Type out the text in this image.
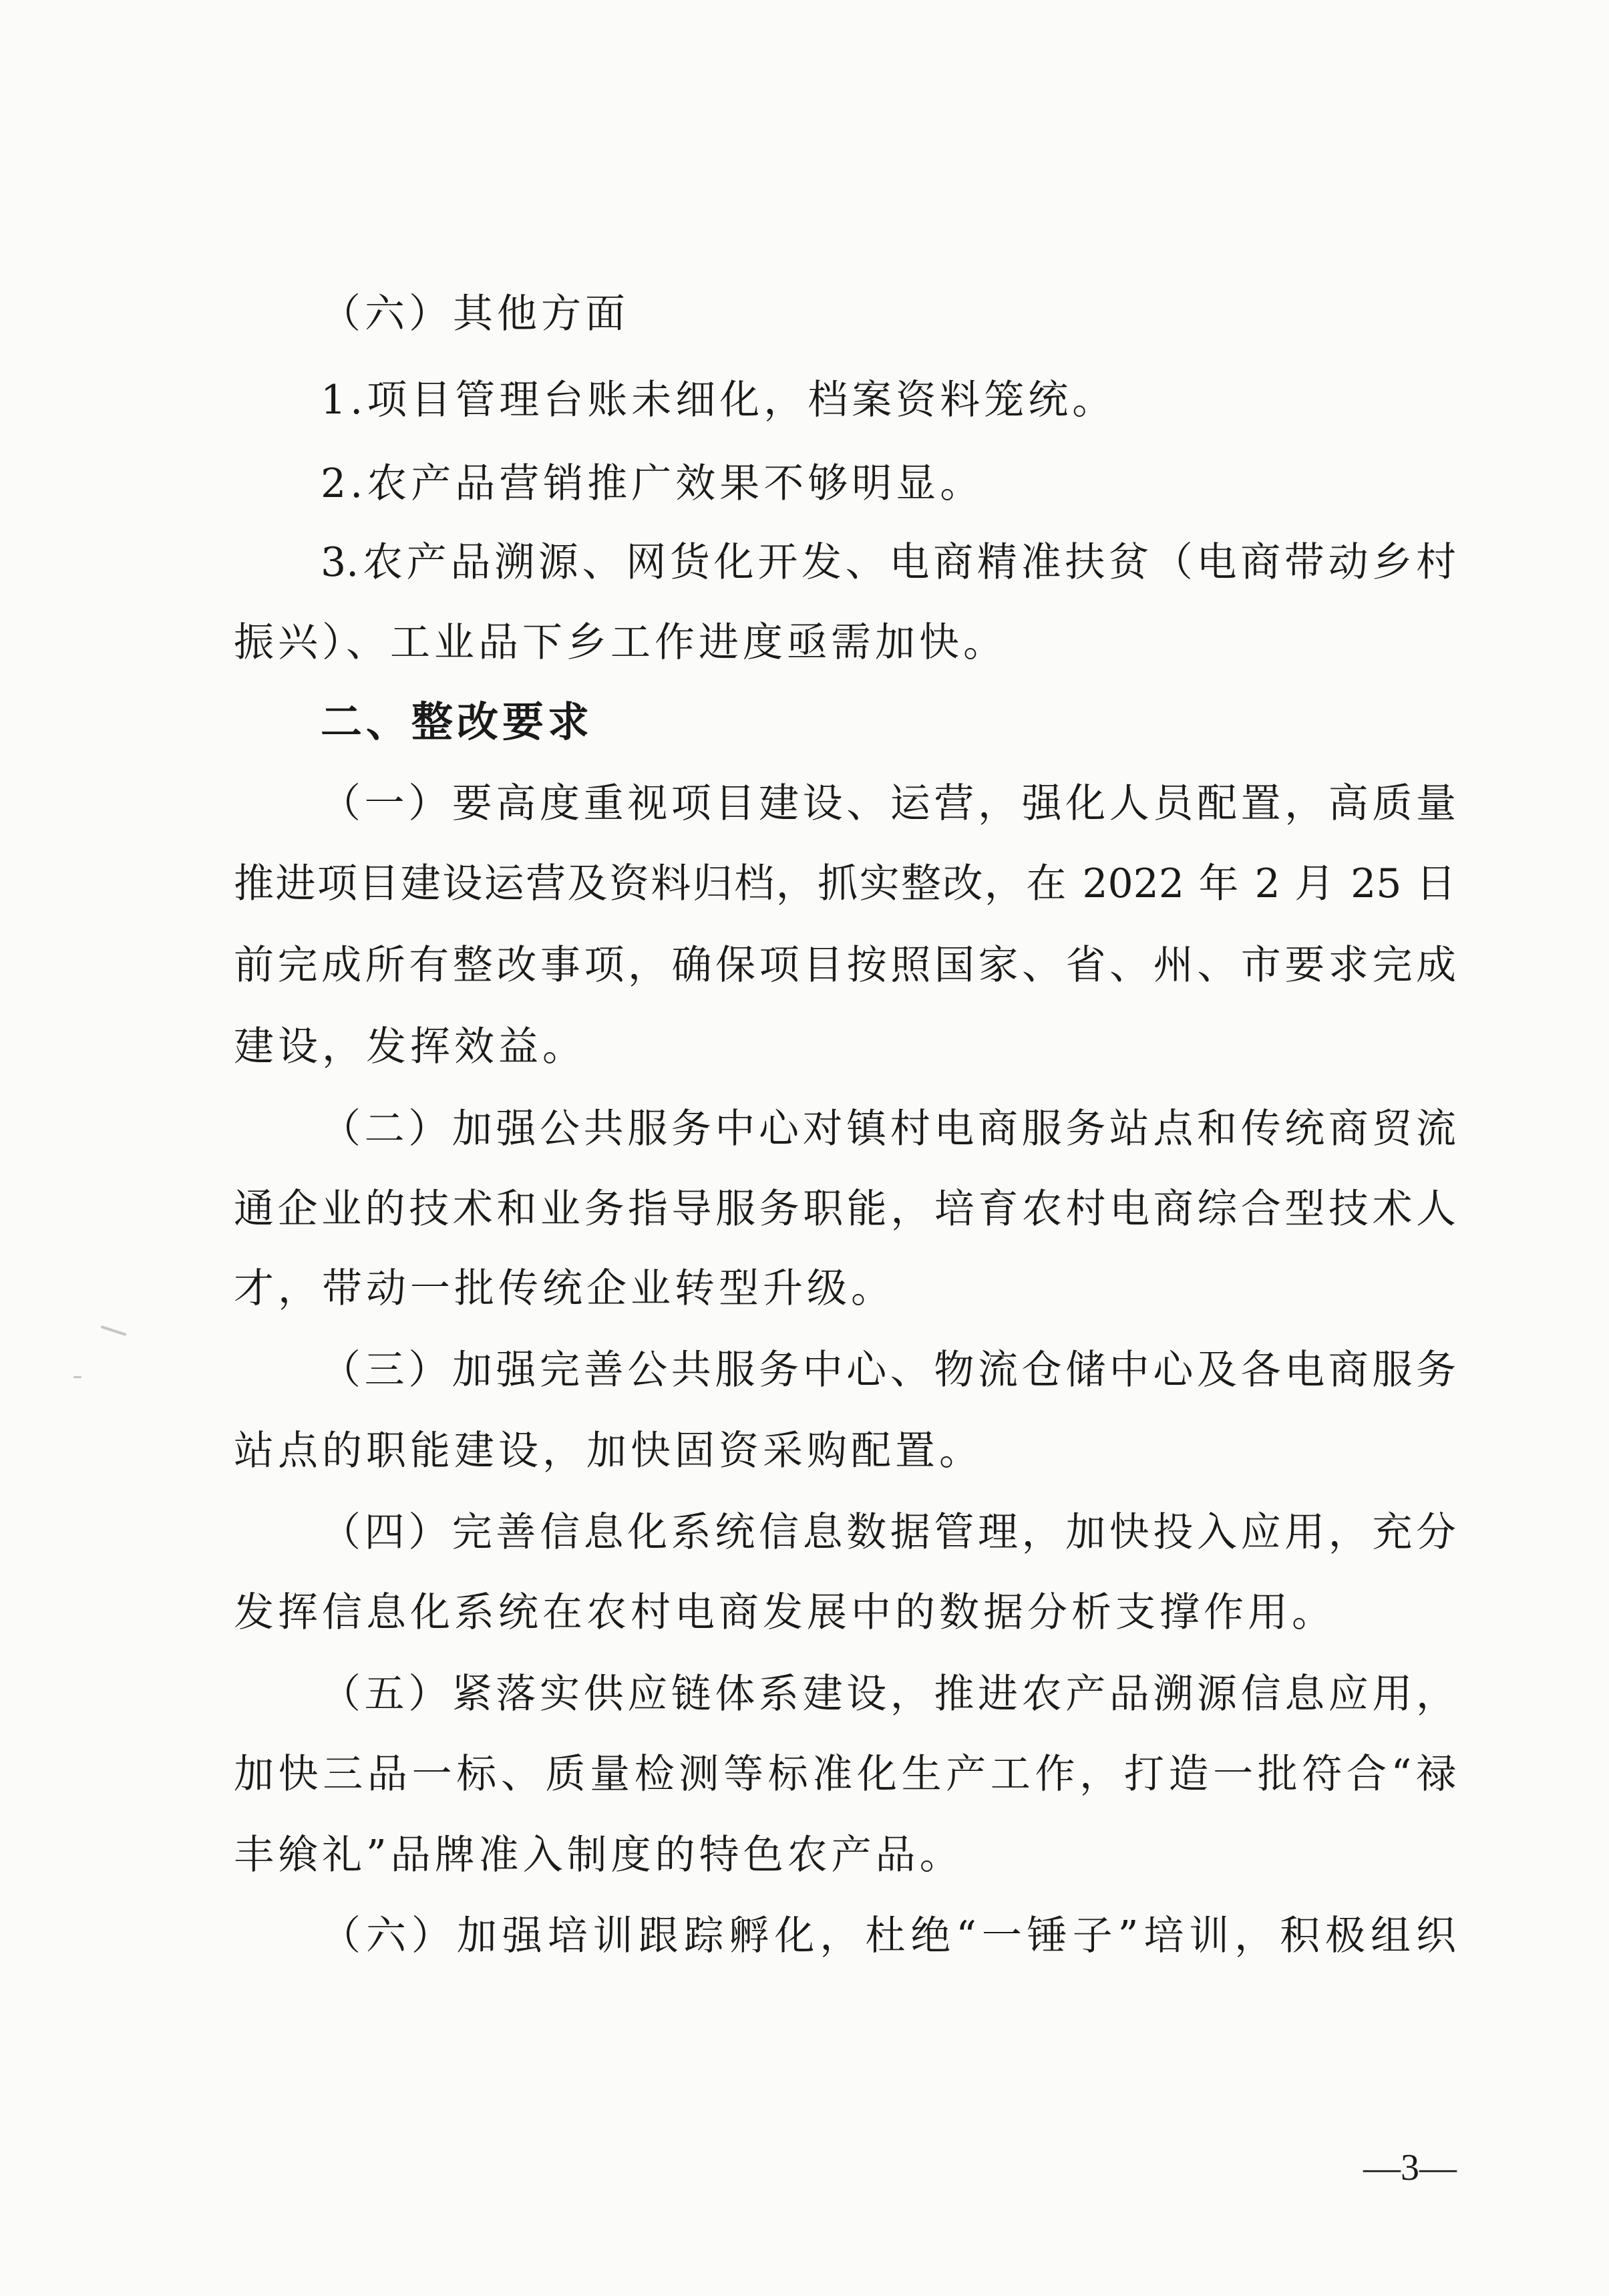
（六）其他方面
1.项目管理台账未细化，档案资料笼统。
2.农产品营销推广效果不够明显。
3.农产品溯源、网货化开发、电商精准扶贫（电商带动乡村
振兴）、工业品下乡工作进度亟需加快。
二、整改要求
（一）要高度重视项目建设、运营，强化人员配置，高质量
推进项目建设运营及资料归档，抓实整改，在 2022 年 2 月 25 日
前完成所有整改事项，确保项目按照国家、省、州、市要求完成
建设，发挥效益。
（二）加强公共服务中心对镇村电商服务站点和传统商贸流
通企业的技术和业务指导服务职能，培育农村电商综合型技术人
才，带动一批传统企业转型升级。
（三）加强完善公共服务中心、物流仓储中心及各电商服务
站点的职能建设，加快固资采购配置。
（四）完善信息化系统信息数据管理，加快投入应用，充分
发挥信息化系统在农村电商发展中的数据分析支撑作用。
（五）紧落实供应链体系建设，推进农产品溯源信息应用，
加快三品一标、质量检测等标准化生产工作，打造一批符合“禄
丰飨礼”品牌准入制度的特色农产品。
（六）加强培训跟踪孵化，杜绝“一锤子”培训，积极组织
—3—
